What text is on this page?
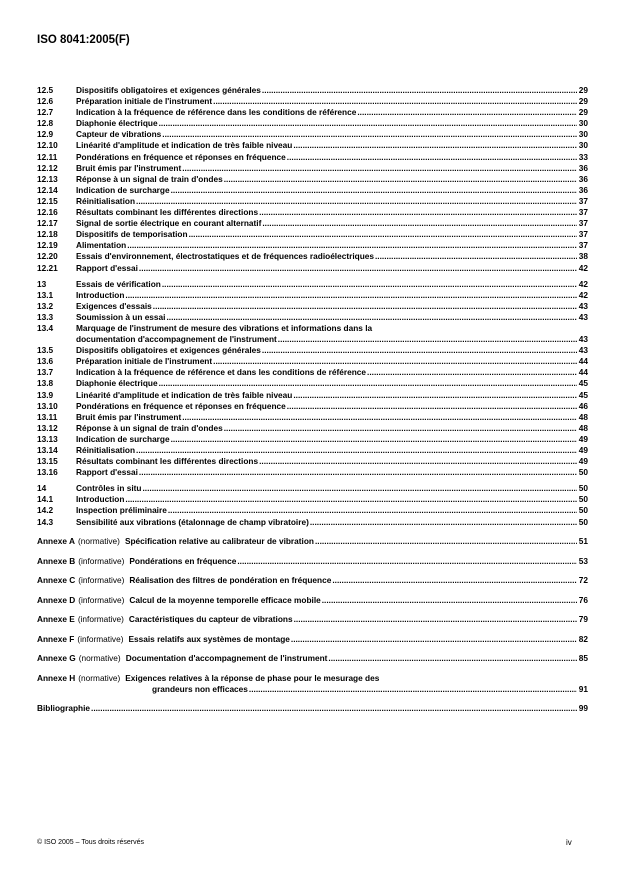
ISO 8041:2005(F)
12.5	Dispositifs obligatoires et exigences générales .....	29
12.6	Préparation initiale de l'instrument .....	29
12.7	Indication à la fréquence de référence dans les conditions de référence .....	29
12.8	Diaphonie électrique .....	30
12.9	Capteur de vibrations .....	30
12.10	Linéarité d'amplitude et indication de très faible niveau .....	30
12.11	Pondérations en fréquence et réponses en fréquence .....	33
12.12	Bruit émis par l'instrument .....	36
12.13	Réponse à un signal de train d'ondes .....	36
12.14	Indication de surcharge .....	36
12.15	Réinitialisation .....	37
12.16	Résultats combinant les différentes directions .....	37
12.17	Signal de sortie électrique en courant alternatif .....	37
12.18	Dispositifs de temporisation .....	37
12.19	Alimentation .....	37
12.20	Essais d'environnement, électrostatiques et de fréquences radioélectriques .....	38
12.21	Rapport d'essai .....	42
13	Essais de vérification .....	42
13.1	Introduction .....	42
13.2	Exigences d'essais .....	43
13.3	Soumission à un essai .....	43
13.4	Marquage de l'instrument de mesure des vibrations et informations dans la
documentation d'accompagnement de l'instrument .....	43
13.5	Dispositifs obligatoires et exigences générales .....	43
13.6	Préparation initiale de l'instrument .....	44
13.7	Indication à la fréquence de référence et dans les conditions de référence .....	44
13.8	Diaphonie électrique .....	45
13.9	Linéarité d'amplitude et indication de très faible niveau .....	45
13.10	Pondérations en fréquence et réponses en fréquence .....	46
13.11	Bruit émis par l'instrument .....	48
13.12	Réponse à un signal de train d'ondes .....	48
13.13	Indication de surcharge .....	49
13.14	Réinitialisation .....	49
13.15	Résultats combinant les différentes directions .....	49
13.16	Rapport d'essai .....	50
14	Contrôles in situ .....	50
14.1	Introduction .....	50
14.2	Inspection préliminaire .....	50
14.3	Sensibilité aux vibrations (étalonnage de champ vibratoire) .....	50
Annexe A (normative) Spécification relative au calibrateur de vibration .....	51
Annexe B (informative) Pondérations en fréquence .....	53
Annexe C (informative) Réalisation des filtres de pondération en fréquence .....	72
Annexe D (informative) Calcul de la moyenne temporelle efficace mobile .....	76
Annexe E (informative) Caractéristiques du capteur de vibrations .....	79
Annexe F (informative) Essais relatifs aux systèmes de montage .....	82
Annexe G (normative) Documentation d'accompagnement de l'instrument .....	85
Annexe H (normative) Exigences relatives à la réponse de phase pour le mesurage des
grandeurs non efficaces .....	91
Bibliographie .....	99
© ISO 2005 – Tous droits réservés	iv
